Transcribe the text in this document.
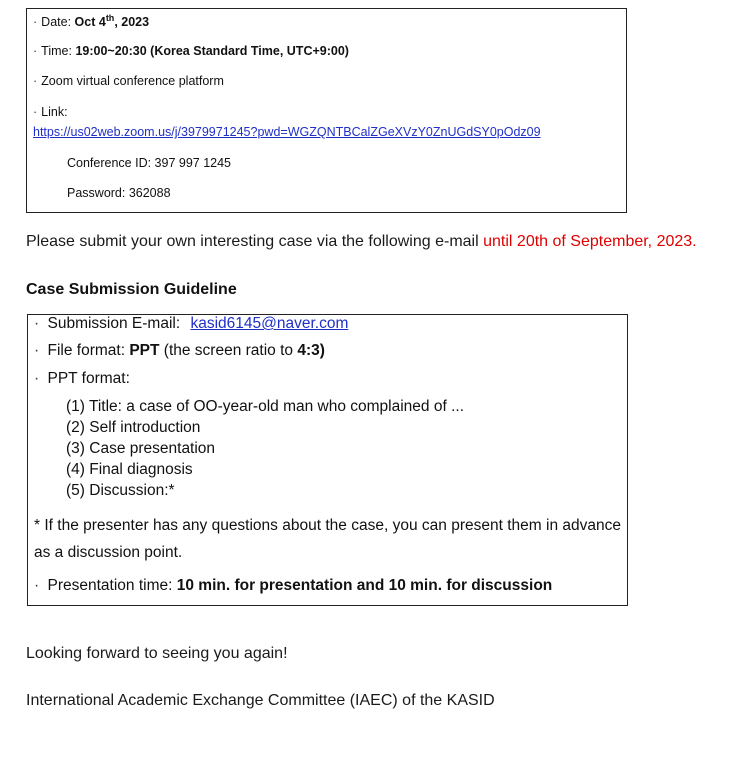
· Date: Oct 4th, 2023
· Time: 19:00~20:30 (Korea Standard Time, UTC+9:00)
· Zoom virtual conference platform
· Link:
https://us02web.zoom.us/j/3979971245?pwd=WGZQNTBCalZGeXVzY0ZnUGdSY0pOdz09
Conference ID: 397 997 1245
Password: 362088
Please submit your own interesting case via the following e-mail until 20th of September, 2023.
Case Submission Guideline
· Submission E-mail: kasid6145@naver.com
· File format: PPT (the screen ratio to 4:3)
· PPT format:
(1) Title: a case of OO-year-old man who complained of ...
(2) Self introduction
(3) Case presentation
(4) Final diagnosis
(5) Discussion:*
* If the presenter has any questions about the case, you can present them in advance as a discussion point.
· Presentation time: 10 min. for presentation and 10 min. for discussion
Looking forward to seeing you again!
International Academic Exchange Committee (IAEC) of the KASID
